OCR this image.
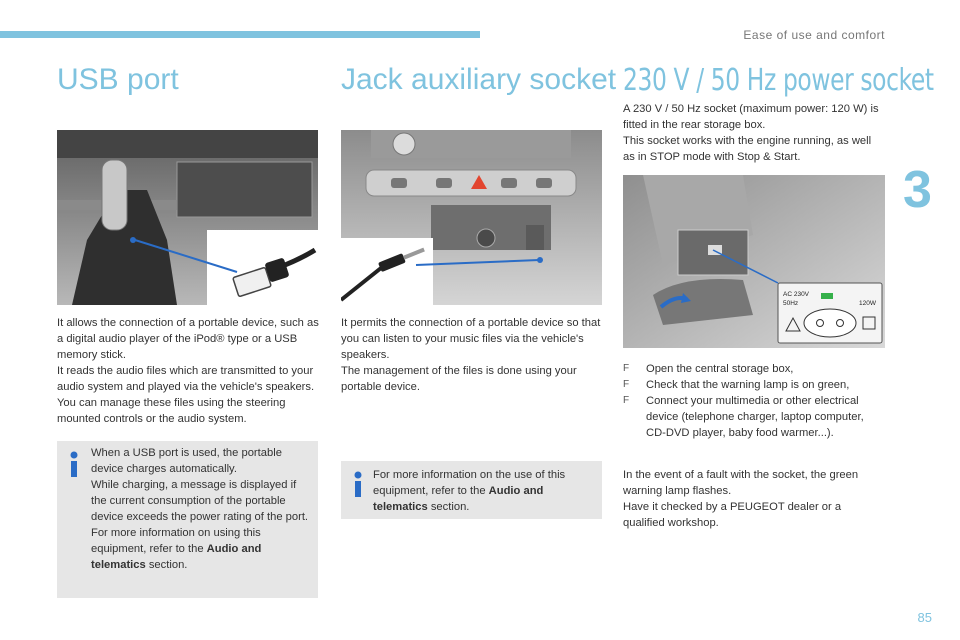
Ease of use and comfort
3
USB port

It allows the connection of a portable device, such as a digital audio player of the iPod® type or a USB memory stick.

It reads the audio files which are transmitted to your audio system and played via the vehicle's speakers.

You can manage these files using the steering mounted controls or the audio system.

When a USB port is used, the portable device charges automatically.

While charging, a message is displayed if the current consumption of the portable device exceeds the power rating of the port.

For more information on using this equipment, refer to the Audio and telematics section.

Jack auxiliary socket

It permits the connection of a portable device so that you can listen to your music files via the vehicle's speakers.

The management of the files is done using your portable device.

For more information on the use of this equipment, refer to the Audio and telematics section.

230 V / 50 Hz power socket

A 230 V / 50 Hz socket (maximum power: 120 W) is fitted in the rear storage box.

This socket works with the engine running, as well as in STOP mode with Stop & Start.

AC 230V
50Hz	120W
F Open the central storage box,
F Check that the warning lamp is on green,
F Connect your multimedia or other electrical device (telephone charger, laptop computer, CD-DVD player, baby food warmer...).

In the event of a fault with the socket, the green warning lamp flashes.

Have it checked by a PEUGEOT dealer or a qualified workshop.

85
